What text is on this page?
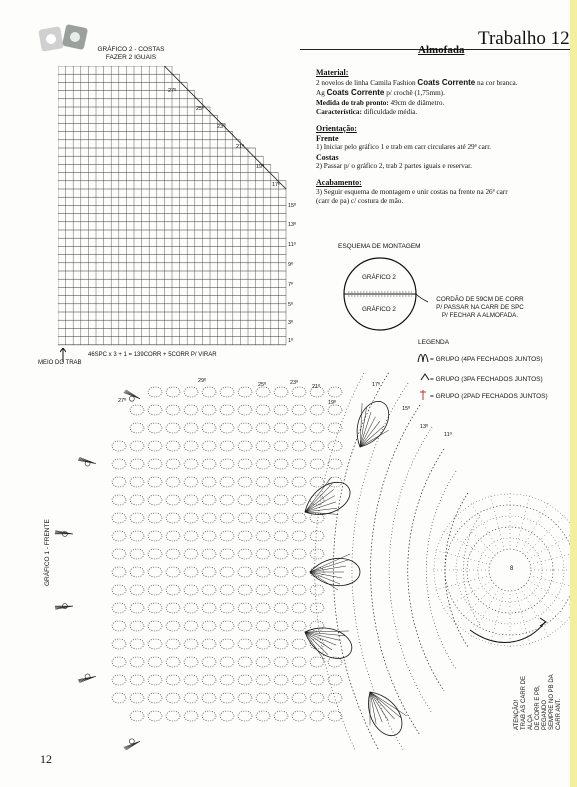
Trabalho 12
Almofada
GRÁFICO 2 - COSTAS
FAZER 2 IGUAIS
27º
25º
23º
21º
19º
17º
15º
13º
11º
9º
7º
5º
3º
1º
46SPC x 3 + 1 = 139CORR + 5CORR P/ VIRAR
MEIO DO TRAB

Material:

2 novelos de linha Camila Fashion Coats Corrente na cor branca.

Ag Coats Corrente p/ crochê (1,75mm).

Medida do trab pronto: 49cm de diâmetro.

Característica: dificuldade média.

Orientação:

Frente

1) Iniciar pelo gráfico 1 e trab em carr circulares até 29ª carr.

Costas

2) Passar p/ o gráfico 2, trab 2 partes iguais e reservar.

Acabamento:

3) Seguir esquema de montagem e unir costas na frente na 26ª carr

(carr de pa) c/ costura de mão.

ESQUEMA DE MONTAGEM
GRÁFICO 2
GRÁFICO 2
CORDÃO DE 59CM DE CORR
P/ PASSAR NA CARR DE SPC
P/ FECHAR A ALMOFADA.
LEGENDA
= GRUPO (4PA FECHADOS JUNTOS)
= GRUPO (3PA FECHADOS JUNTOS)
= GRUPO (2PAD FECHADOS JUNTOS)
27º
29º
25º	23º
21º
19º
17º
15º
13º
11º
8
GRÁFICO 1 - FRENTE
ATENÇÃO! TRAB AS CARR DE ALÇA DE CORR E PB, PEGANDO SEMPRE NO PB DA CARR ANT.
12
